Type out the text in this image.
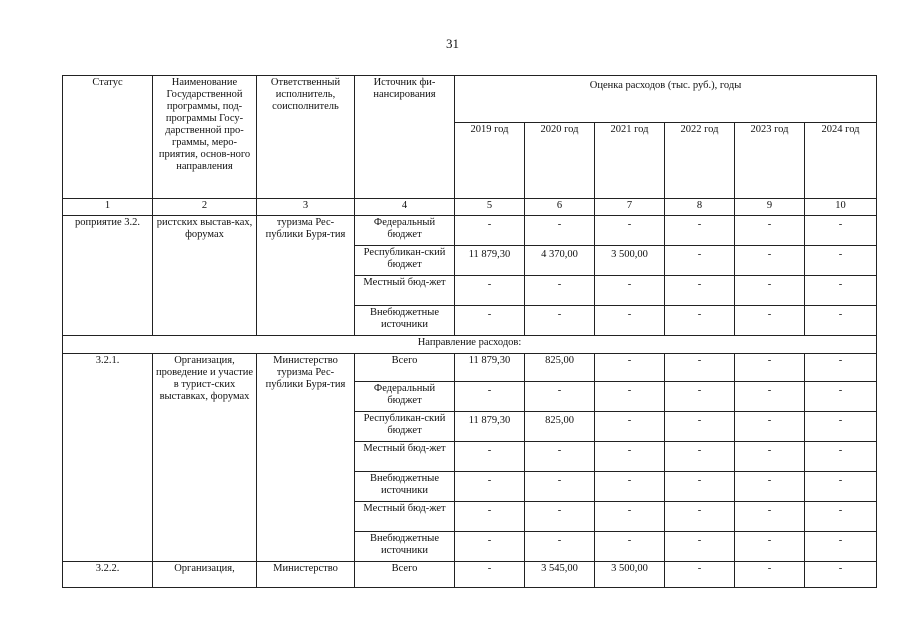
31
Статус	Наименование Государственной программы, под-программы Госу-дарственной про-граммы, меро-приятия, основ-ного направления	Ответственный исполнитель, соисполнитель	Источник фи-нансирования	Оценка расходов (тыс. руб.), годы					
				2019 год	2020 год	2021 год	2022 год	2023 год	2024 год
1	2	3	4	5	6	7	8	9	10
роприятие 3.2.	ристских выстав-ках, форумах	туризма Рес-публики Буря-тия	Федеральный бюджет	-	-	-	-	-	-
			Республикан-ский бюджет	11 879,30	4 370,00	3 500,00	-	-	-
			Местный бюд-жет	-	-	-	-	-	-
			Внебюджетные источники	-	-	-	-	-	-
Направление расходов:									
3.2.1.	Организация, проведение и участие в турист-ских выставках, форумах	Министерство туризма Рес-публики Буря-тия	Всего	11 879,30	825,00	-	-	-	-
			Федеральный бюджет	-	-	-	-	-	-
			Республикан-ский бюджет	11 879,30	825,00	-	-	-	-
			Местный бюд-жет	-	-	-	-	-	-
			Внебюджетные источники	-	-	-	-	-	-
			Местный бюд-жет	-	-	-	-	-	-
			Внебюджетные источники	-	-	-	-	-	-
3.2.2.	Организация,	Министерство	Всего	-	3 545,00	3 500,00	-	-	-
